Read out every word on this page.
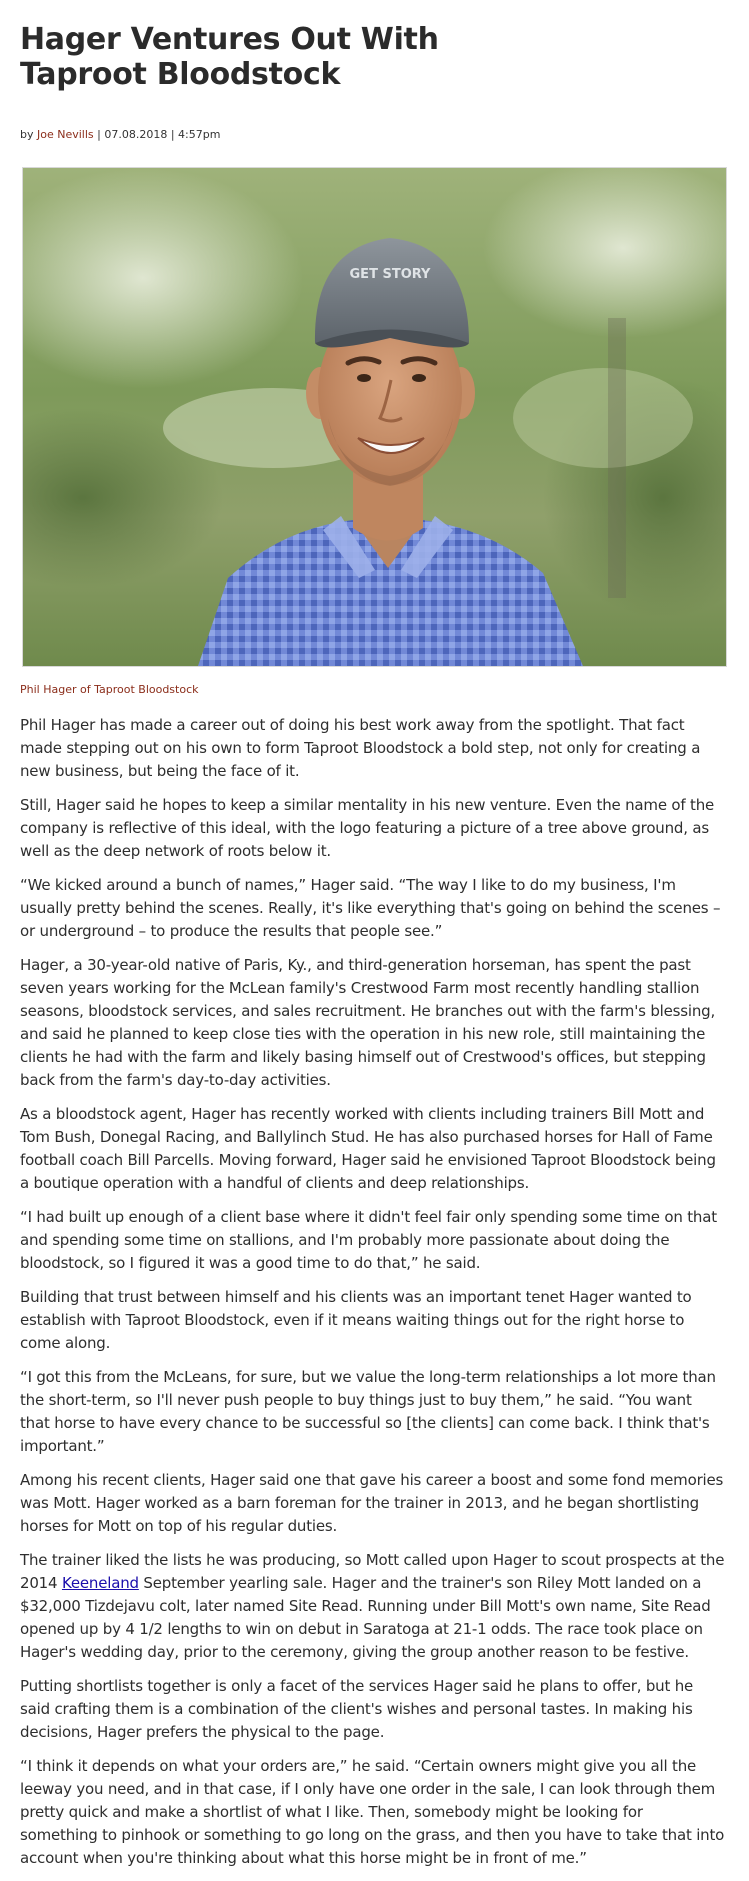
Hager Ventures Out With Taproot Bloodstock
by Joe Nevills | 07.08.2018 | 4:57pm
GET STORY
Phil Hager of Taproot Bloodstock

Phil Hager has made a career out of doing his best work away from the spotlight. That fact made stepping out on his own to form Taproot Bloodstock a bold step, not only for creating a new business, but being the face of it.

Still, Hager said he hopes to keep a similar mentality in his new venture. Even the name of the company is reflective of this ideal, with the logo featuring a picture of a tree above ground, as well as the deep network of roots below it.

“We kicked around a bunch of names,” Hager said. “The way I like to do my business, I'm usually pretty behind the scenes. Really, it's like everything that's going on behind the scenes – or underground – to produce the results that people see.”

Hager, a 30-year-old native of Paris, Ky., and third-generation horseman, has spent the past seven years working for the McLean family's Crestwood Farm most recently handling stallion seasons, bloodstock services, and sales recruitment. He branches out with the farm's blessing, and said he planned to keep close ties with the operation in his new role, still maintaining the clients he had with the farm and likely basing himself out of Crestwood's offices, but stepping back from the farm's day-to-day activities.

As a bloodstock agent, Hager has recently worked with clients including trainers Bill Mott and Tom Bush, Donegal Racing, and Ballylinch Stud. He has also purchased horses for Hall of Fame football coach Bill Parcells. Moving forward, Hager said he envisioned Taproot Bloodstock being a boutique operation with a handful of clients and deep relationships.

“I had built up enough of a client base where it didn't feel fair only spending some time on that and spending some time on stallions, and I'm probably more passionate about doing the bloodstock, so I figured it was a good time to do that,” he said.

Building that trust between himself and his clients was an important tenet Hager wanted to establish with Taproot Bloodstock, even if it means waiting things out for the right horse to come along.

“I got this from the McLeans, for sure, but we value the long-term relationships a lot more than the short-term, so I'll never push people to buy things just to buy them,” he said. “You want that horse to have every chance to be successful so [the clients] can come back. I think that's important.”

Among his recent clients, Hager said one that gave his career a boost and some fond memories was Mott. Hager worked as a barn foreman for the trainer in 2013, and he began shortlisting horses for Mott on top of his regular duties.

The trainer liked the lists he was producing, so Mott called upon Hager to scout prospects at the 2014 Keeneland September yearling sale. Hager and the trainer's son Riley Mott landed on a $32,000 Tizdejavu colt, later named Site Read. Running under Bill Mott's own name, Site Read opened up by 4 1/2 lengths to win on debut in Saratoga at 21-1 odds. The race took place on Hager's wedding day, prior to the ceremony, giving the group another reason to be festive.

Putting shortlists together is only a facet of the services Hager said he plans to offer, but he said crafting them is a combination of the client's wishes and personal tastes. In making his decisions, Hager prefers the physical to the page.

“I think it depends on what your orders are,” he said. “Certain owners might give you all the leeway you need, and in that case, if I only have one order in the sale, I can look through them pretty quick and make a shortlist of what I like. Then, somebody might be looking for something to pinhook or something to go long on the grass, and then you have to take that into account when you're thinking about what this horse might be in front of me.”
